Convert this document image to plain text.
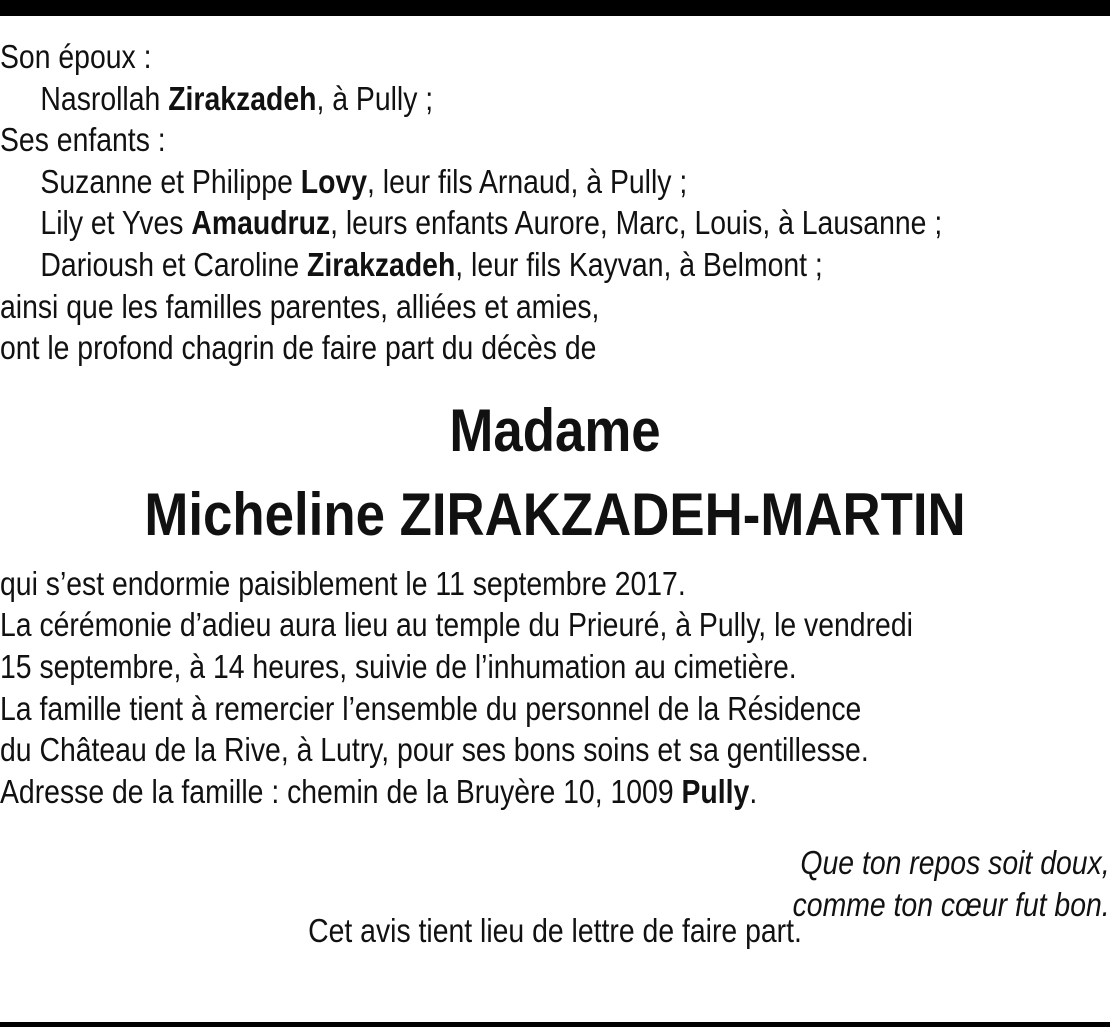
Son époux :
Nasrollah Zirakzadeh, à Pully ;
Ses enfants :
Suzanne et Philippe Lovy, leur fils Arnaud, à Pully ;
Lily et Yves Amaudruz, leurs enfants Aurore, Marc, Louis, à Lausanne ;
Darioush et Caroline Zirakzadeh, leur fils Kayvan, à Belmont ;
ainsi que les familles parentes, alliées et amies,
ont le profond chagrin de faire part du décès de
Madame
Micheline ZIRAKZADEH-MARTIN
qui s’est endormie paisiblement le 11 septembre 2017.
La cérémonie d’adieu aura lieu au temple du Prieuré, à Pully, le vendredi
15 septembre, à 14 heures, suivie de l’inhumation au cimetière.
La famille tient à remercier l’ensemble du personnel de la Résidence
du Château de la Rive, à Lutry, pour ses bons soins et sa gentillesse.
Adresse de la famille : chemin de la Bruyère 10, 1009 Pully.
Que ton repos soit doux,
comme ton cœur fut bon.
Cet avis tient lieu de lettre de faire part.
